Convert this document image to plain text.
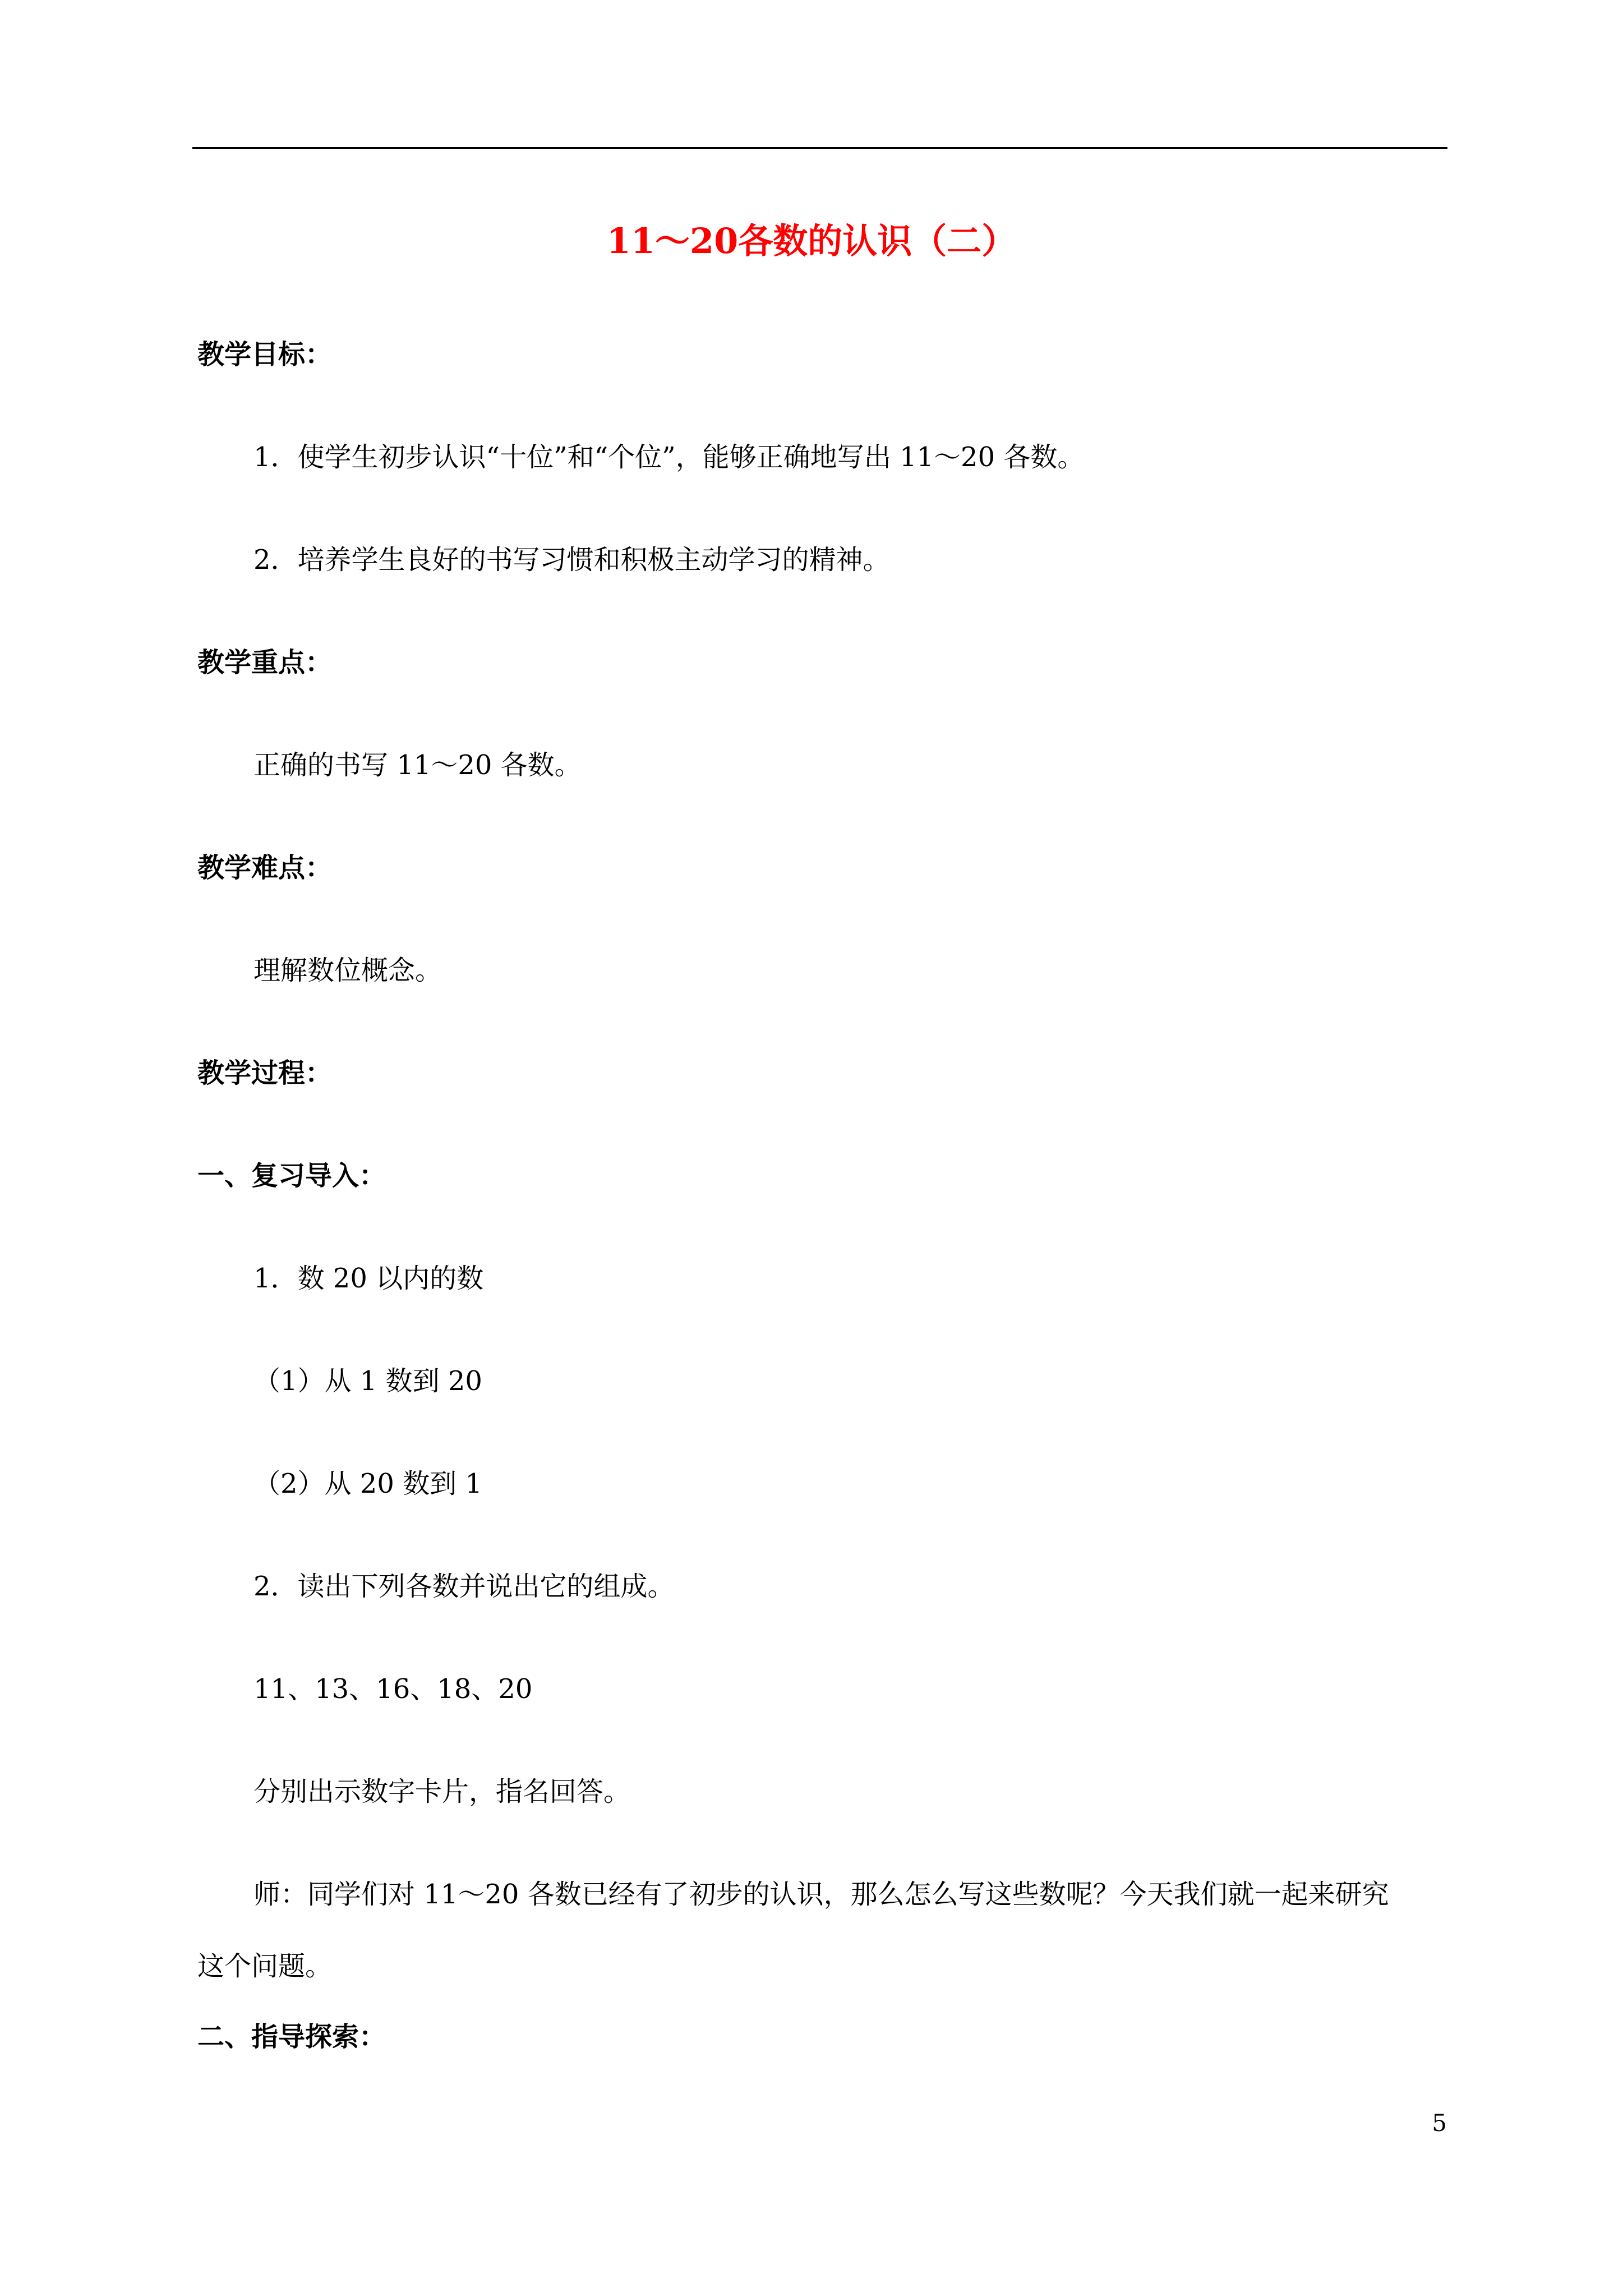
11～20各数的认识（二）
教学目标：
1．使学生初步认识“十位”和“个位”，能够正确地写出 11～20 各数。
2．培养学生良好的书写习惯和积极主动学习的精神。
教学重点：
正确的书写 11～20 各数。
教学难点：
理解数位概念。
教学过程：
一、复习导入：
1．数 20 以内的数
（1）从 1 数到 20
（2）从 20 数到 1
2．读出下列各数并说出它的组成。
11、13、16、18、20
分别出示数字卡片，指名回答。
师：同学们对 11～20 各数已经有了初步的认识，那么怎么写这些数呢？今天我们就一起来研究
这个问题。
二、指导探索：
5
